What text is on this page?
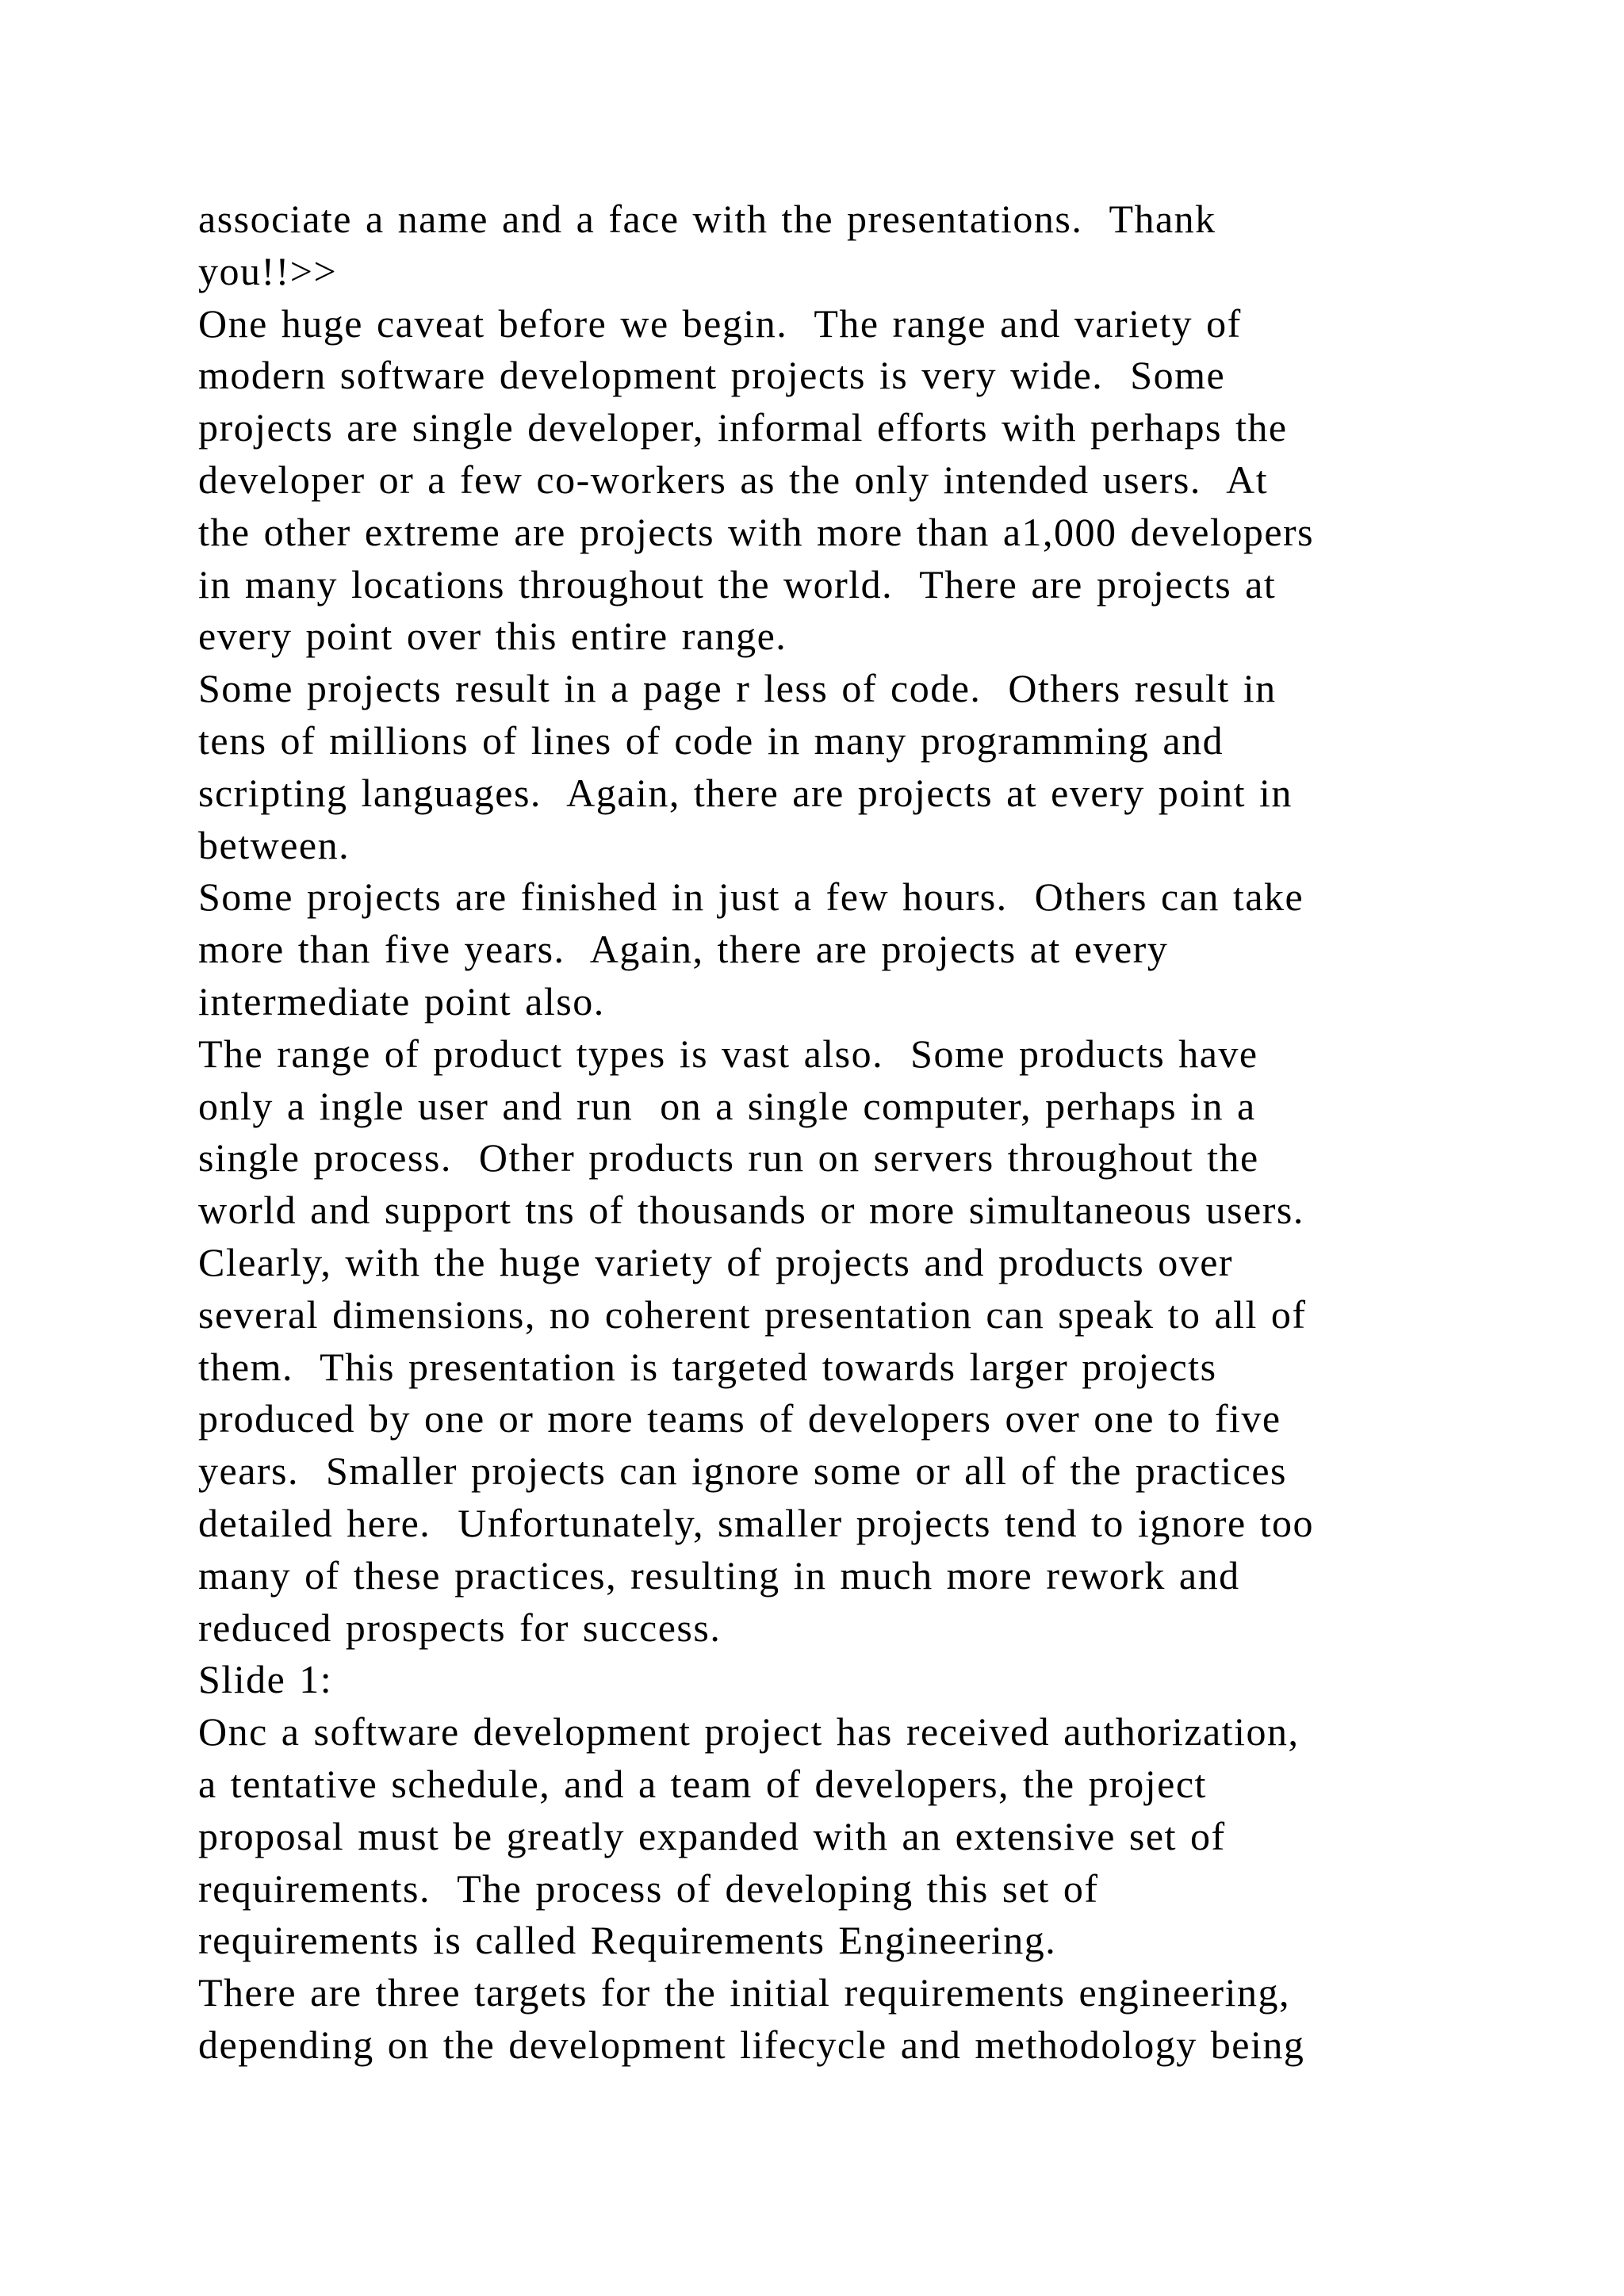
associate a name and a face with the presentations.  Thank
you!!>>
One huge caveat before we begin.  The range and variety of
modern software development projects is very wide.  Some
projects are single developer, informal efforts with perhaps the
developer or a few co-workers as the only intended users.  At
the other extreme are projects with more than a1,000 developers
in many locations throughout the world.  There are projects at
every point over this entire range.
Some projects result in a page r less of code.  Others result in
tens of millions of lines of code in many programming and
scripting languages.  Again, there are projects at every point in
between.
Some projects are finished in just a few hours.  Others can take
more than five years.  Again, there are projects at every
intermediate point also.
The range of product types is vast also.  Some products have
only a ingle user and run  on a single computer, perhaps in a
single process.  Other products run on servers throughout the
world and support tns of thousands or more simultaneous users.
Clearly, with the huge variety of projects and products over
several dimensions, no coherent presentation can speak to all of
them.  This presentation is targeted towards larger projects
produced by one or more teams of developers over one to five
years.  Smaller projects can ignore some or all of the practices
detailed here.  Unfortunately, smaller projects tend to ignore too
many of these practices, resulting in much more rework and
reduced prospects for success.
Slide 1:
Onc a software development project has received authorization,
a tentative schedule, and a team of developers, the project
proposal must be greatly expanded with an extensive set of
requirements.  The process of developing this set of
requirements is called Requirements Engineering.
There are three targets for the initial requirements engineering,
depending on the development lifecycle and methodology being
